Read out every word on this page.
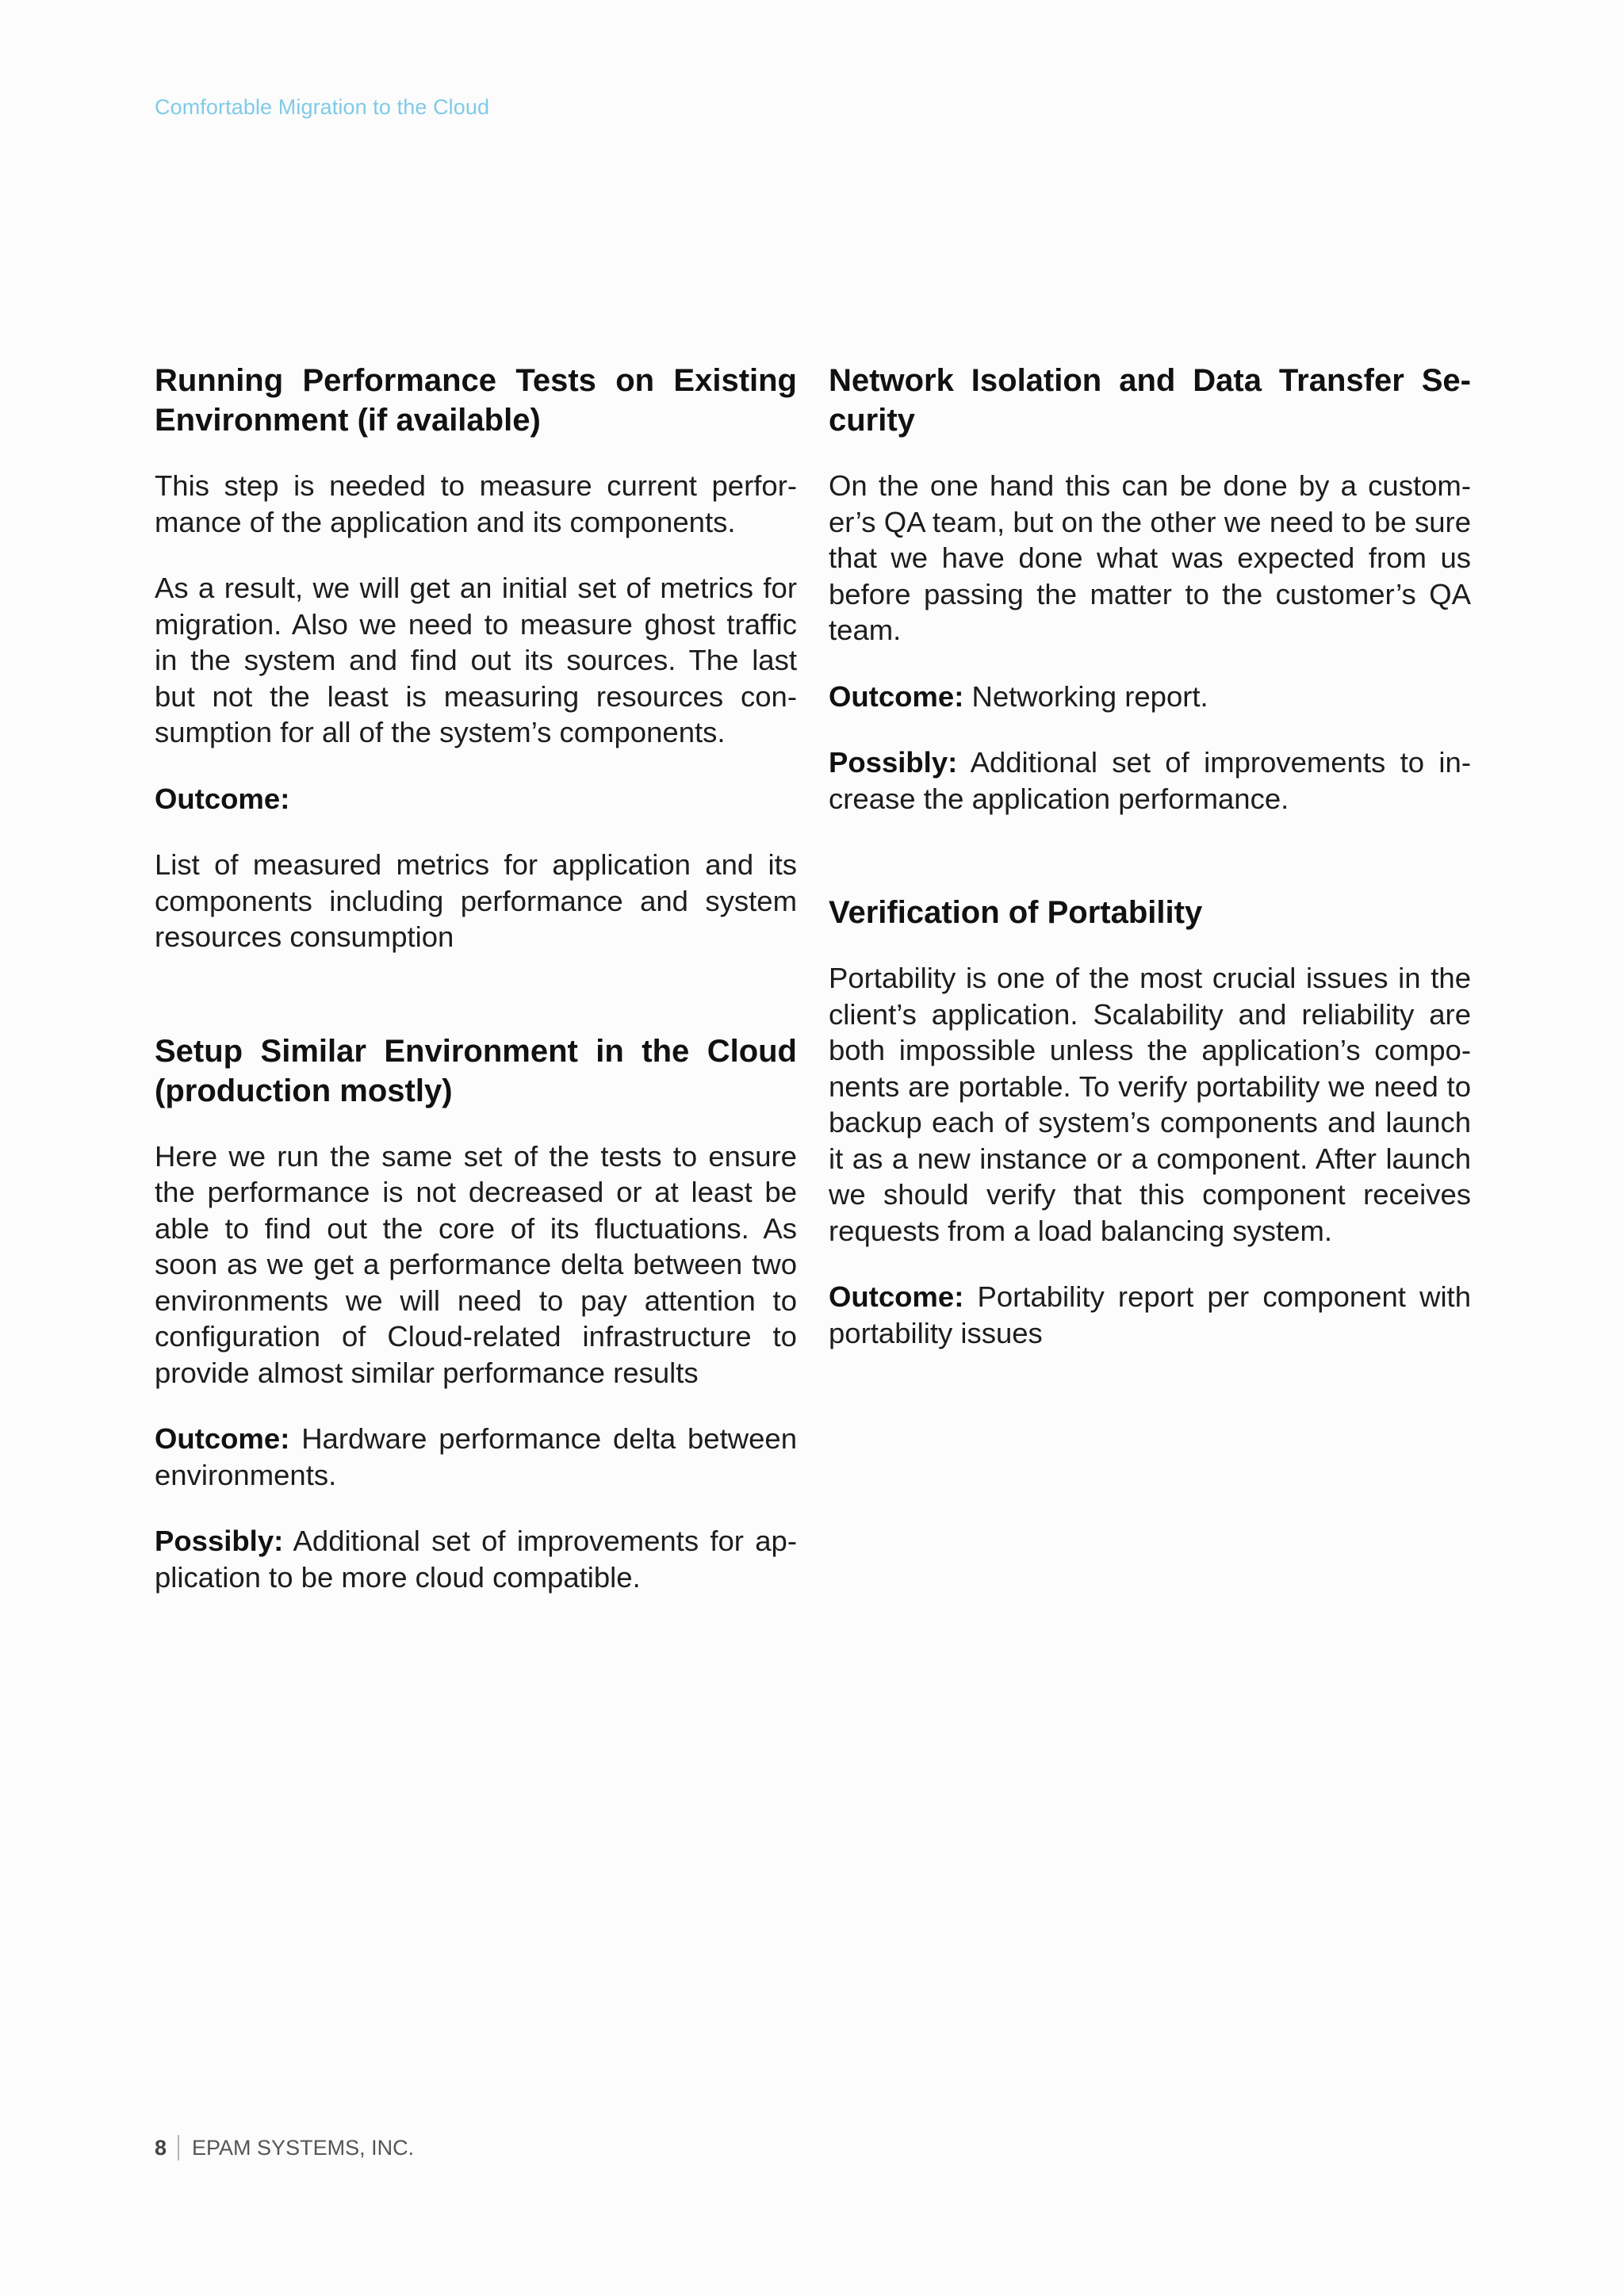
Comfortable Migration to the Cloud
Running Performance Tests on Existing Environment (if available)

This step is needed to measure current performance of the application and its components.

As a result, we will get an initial set of metrics for migration. Also we need to measure ghost traffic in the system and find out its sources. The last but not the least is measuring resources consumption for all of the system’s components.

Outcome:

List of measured metrics for application and its components including performance and system resources consumption

Setup Similar Environment in the Cloud (production mostly)

Here we run the same set of the tests to ensure the performance is not decreased or at least be able to find out the core of its fluctuations. As soon as we get a performance delta between two environments we will need to pay attention to configuration of Cloud-related infrastructure to provide almost similar performance results

Outcome: Hardware performance delta between environments.

Possibly: Additional set of improvements for application to be more cloud compatible.

Network Isolation and Data Transfer Security

On the one hand this can be done by a customer’s QA team, but on the other we need to be sure that we have done what was expected from us before passing the matter to the customer’s QA team.

Outcome: Networking report.

Possibly: Additional set of improvements to increase the application performance.

Verification of Portability

Portability is one of the most crucial issues in the client’s application. Scalability and reliability are both impossible unless the application’s components are portable. To verify portability we need to backup each of system’s components and launch it as a new instance or a component. After launch we should verify that this component receives requests from a load balancing system.

Outcome: Portability report per component with portability issues

8 EPAM SYSTEMS, INC.
